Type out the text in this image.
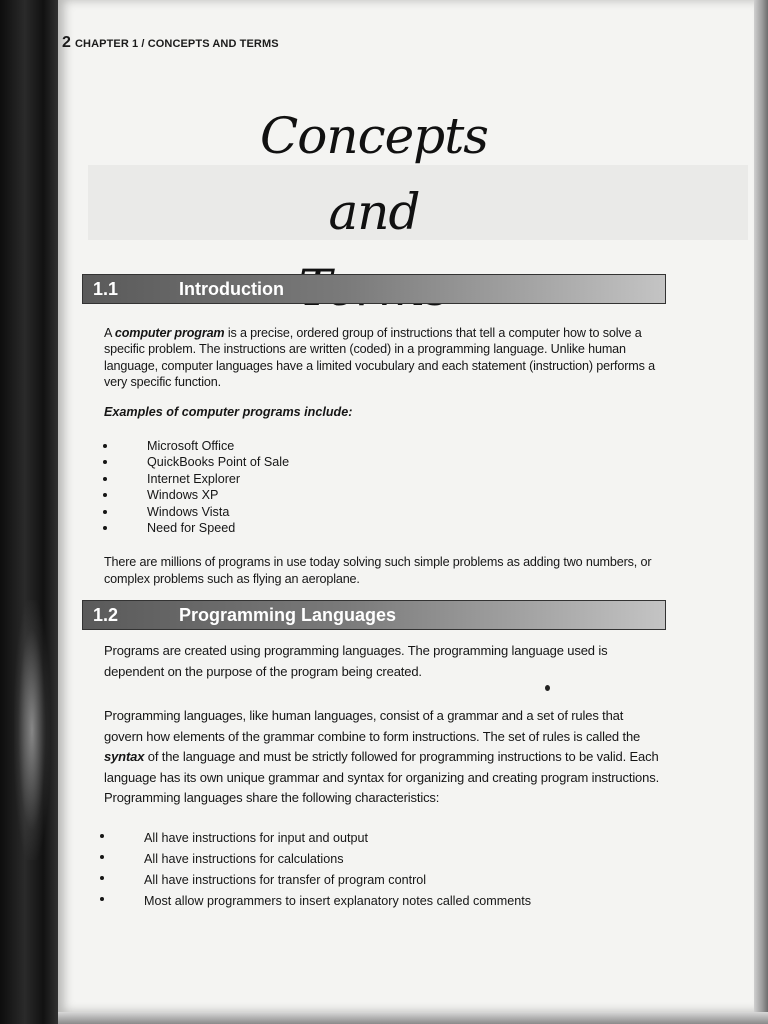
2 CHAPTER 1 / CONCEPTS AND TERMS
Concepts
and
1.1	Introduction
A computer program is a precise, ordered group of instructions that tell a computer how to solve a specific problem. The instructions are written (coded) in a programming language. Unlike human language, computer languages have a limited vocubulary and each statement (instruction) performs a very specific function.
Examples of computer programs include:
Microsoft Office
QuickBooks Point of Sale
Internet Explorer
Windows XP
Windows Vista
Need for Speed
There are millions of programs in use today solving such simple problems as adding two numbers, or complex problems such as flying an aeroplane.
1.2	Programming Languages
Programs are created using programming languages. The programming language used is dependent on the purpose of the program being created.
Programming languages, like human languages, consist of a grammar and a set of rules that govern how elements of the grammar combine to form instructions. The set of rules is called the syntax of the language and must be strictly followed for programming instructions to be valid. Each language has its own unique grammar and syntax for organizing and creating program instructions. Programming languages share the following characteristics:
All have instructions for input and output
All have instructions for calculations
All have instructions for transfer of program control
Most allow programmers to insert explanatory notes called comments
